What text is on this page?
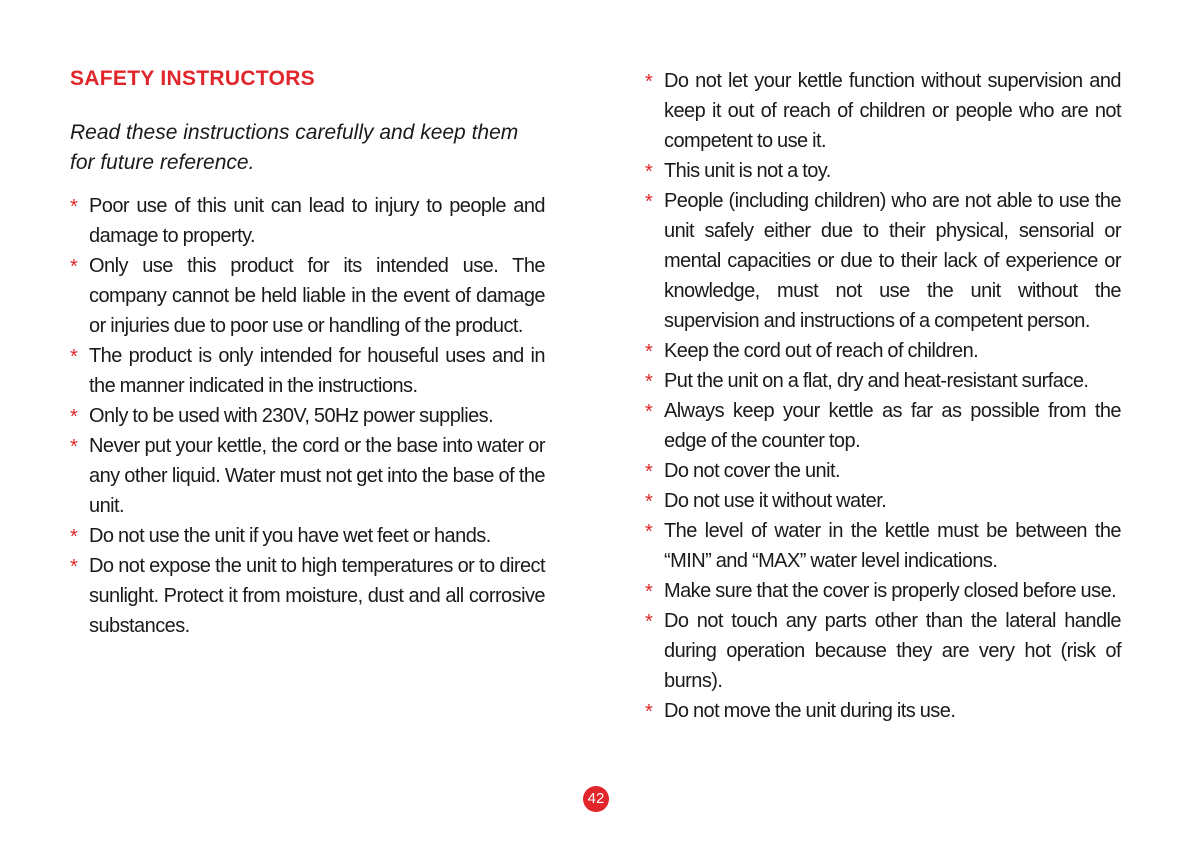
SAFETY INSTRUCTORS

Read these instructions carefully and keep them for future reference.

* Poor use of this unit can lead to injury to people and damage to property.
* Only use this product for its intended use. The company cannot be held liable in the event of damage or injuries due to poor use or handling of the product.
* The product is only intended for houseful uses and in the manner indicated in the instructions.
* Only to be used with 230V, 50Hz power supplies.
* Never put your kettle, the cord or the base into water or any other liquid. Water must not get into the base of the unit.
* Do not use the unit if you have wet feet or hands.
* Do not expose the unit to high temperatures or to direct sunlight. Protect it from moisture, dust and all corrosive substances.
* Do not let your kettle function without supervision and keep it out of reach of children or people who are not competent to use it.
* This unit is not a toy.
* People (including children) who are not able to use the unit safely either due to their physical, sensorial or mental capacities or due to their lack of experience or knowledge, must not use the unit without the supervision and instructions of a competent person.
* Keep the cord out of reach of children.
* Put the unit on a flat, dry and heat-resistant surface.
* Always keep your kettle as far as possible from the edge of the counter top.
* Do not cover the unit.
* Do not use it without water.
* The level of water in the kettle must be between the “MIN” and “MAX” water level indications.
* Make sure that the cover is properly closed before use.
* Do not touch any parts other than the lateral handle during operation because they are very hot (risk of burns).
* Do not move the unit during its use.
42
